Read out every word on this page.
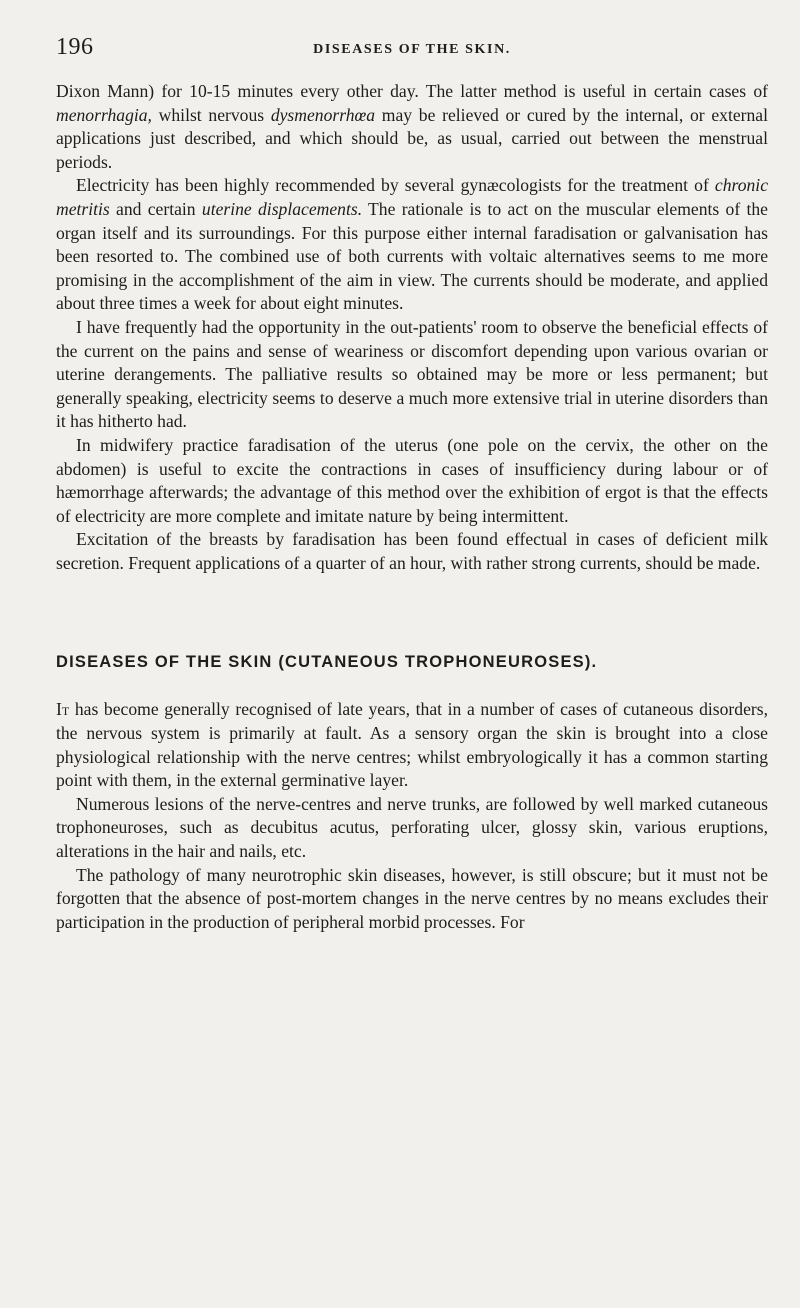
196	DISEASES OF THE SKIN.

Dixon Mann) for 10-15 minutes every other day. The latter method is useful in certain cases of menorrhagia, whilst nervous dysmenorrhœa may be relieved or cured by the internal, or external applications just described, and which should be, as usual, carried out between the menstrual periods.

Electricity has been highly recommended by several gynæcologists for the treatment of chronic metritis and certain uterine displacements. The rationale is to act on the muscular elements of the organ itself and its surroundings. For this purpose either internal faradisation or galvanisation has been resorted to. The combined use of both currents with voltaic alternatives seems to me more promising in the accomplishment of the aim in view. The currents should be moderate, and applied about three times a week for about eight minutes.

I have frequently had the opportunity in the out-patients' room to observe the beneficial effects of the current on the pains and sense of weariness or discomfort depending upon various ovarian or uterine derangements. The palliative results so obtained may be more or less permanent; but generally speaking, electricity seems to deserve a much more extensive trial in uterine disorders than it has hitherto had.

In midwifery practice faradisation of the uterus (one pole on the cervix, the other on the abdomen) is useful to excite the contractions in cases of insufficiency during labour or of hæmorrhage afterwards; the advantage of this method over the exhibition of ergot is that the effects of electricity are more complete and imitate nature by being intermittent.

Excitation of the breasts by faradisation has been found effectual in cases of deficient milk secretion. Frequent applications of a quarter of an hour, with rather strong currents, should be made.

DISEASES OF THE SKIN (CUTANEOUS TROPHONEUROSES).

It has become generally recognised of late years, that in a number of cases of cutaneous disorders, the nervous system is primarily at fault. As a sensory organ the skin is brought into a close physiological relationship with the nerve centres; whilst embryologically it has a common starting point with them, in the external germinative layer.

Numerous lesions of the nerve-centres and nerve trunks, are followed by well marked cutaneous trophoneuroses, such as decubitus acutus, perforating ulcer, glossy skin, various eruptions, alterations in the hair and nails, etc.

The pathology of many neurotrophic skin diseases, however, is still obscure; but it must not be forgotten that the absence of post-mortem changes in the nerve centres by no means excludes their participation in the production of peripheral morbid processes. For
